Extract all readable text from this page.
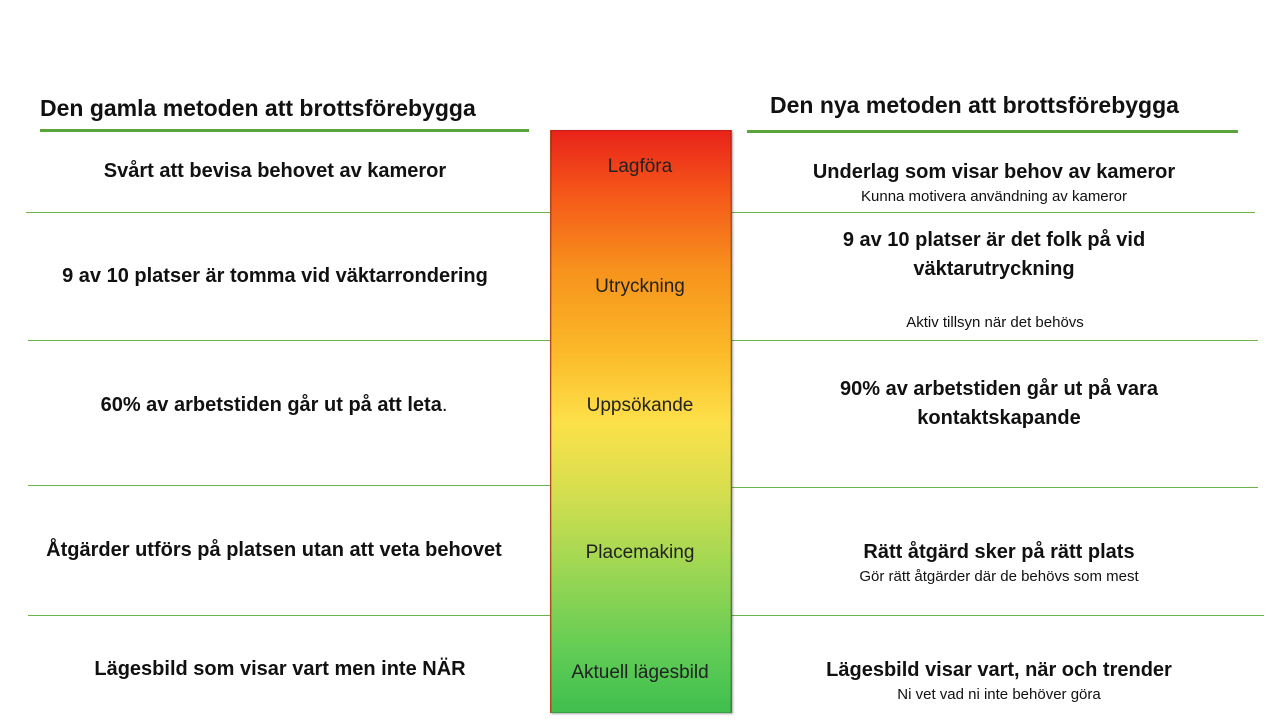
Den gamla metoden att brottsförebygga	Den nya metoden att brottsförebygga
Lagföra
Utryckning
Uppsökande
Placemaking
Aktuell lägesbild
Svårt att bevisa behovet av kameror
9 av 10 platser är tomma vid väktarrondering
60% av arbetstiden går ut på att leta.
Åtgärder utförs på platsen utan att veta behovet
Lägesbild som visar vart men inte NÄR
Underlag som visar behov av kameror
Kunna motivera användning av kameror
9 av 10 platser är det folk på vid
väktarutryckning
Aktiv tillsyn när det behövs
90% av arbetstiden går ut på vara
kontaktskapande
Rätt åtgärd sker på rätt plats
Gör rätt åtgärder där de behövs som mest
Lägesbild visar vart, när och trender
Ni vet vad ni inte behöver göra
